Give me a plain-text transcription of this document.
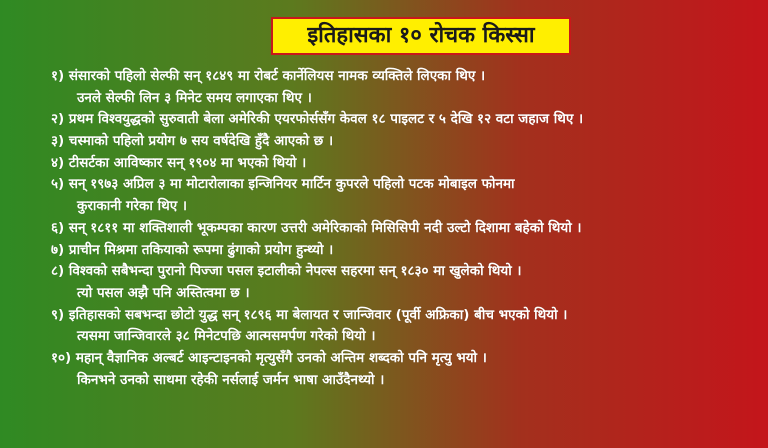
इतिहासका १० रोचक किस्सा
१) संसारको पहिलो सेल्फी सन् १८४९ मा रोबर्ट कार्नेलियस नामक व्यक्तिले लिएका थिए ।
उनले सेल्फी लिन ३ मिनेट समय लगाएका थिए ।
२) प्रथम विश्वयुद्धको सुरुवाती बेला अमेरिकी एयरफोर्ससँग केवल १८ पाइलट र ५ देखि १२ वटा जहाज थिए ।
३) चस्माको पहिलो प्रयोग ७ सय वर्षदेखि हुँदै आएको छ ।
४) टीसर्टका आविष्कार सन् १९०४ मा भएको थियो ।
५) सन् १९७३ अप्रिल ३ मा मोटारोलाका इन्जिनियर मार्टिन कुपरले पहिलो पटक मोबाइल फोनमा
कुराकानी गरेका थिए ।
६) सन् १८११ मा शक्तिशाली भूकम्पका कारण उत्तरी अमेरिकाको मिसिसिपी नदी उल्टो दिशामा बहेको थियो ।
७) प्राचीन मिश्रमा तकियाको रूपमा ढुंगाको प्रयोग हुन्थ्यो ।
८) विश्वको सबैभन्दा पुरानो पिज्जा पसल इटालीको नेपल्स सहरमा सन् १८३० मा खुलेको थियो ।
त्यो पसल अझै पनि अस्तित्वमा छ ।
९) इतिहासको सबभन्दा छोटो युद्ध सन् १८९६ मा बेलायत र जान्जिवार (पूर्वी अफ्रिका) बीच भएको थियो ।
त्यसमा जान्जिवारले ३८ मिनेटपछि आत्मसमर्पण गरेको थियो ।
१०) महान् वैज्ञानिक अल्बर्ट आइन्टाइनको मृत्युसँगै उनको अन्तिम शब्दको पनि मृत्यु भयो ।
किनभने उनको साथमा रहेकी नर्सलाई जर्मन भाषा आउँदैनथ्यो ।
